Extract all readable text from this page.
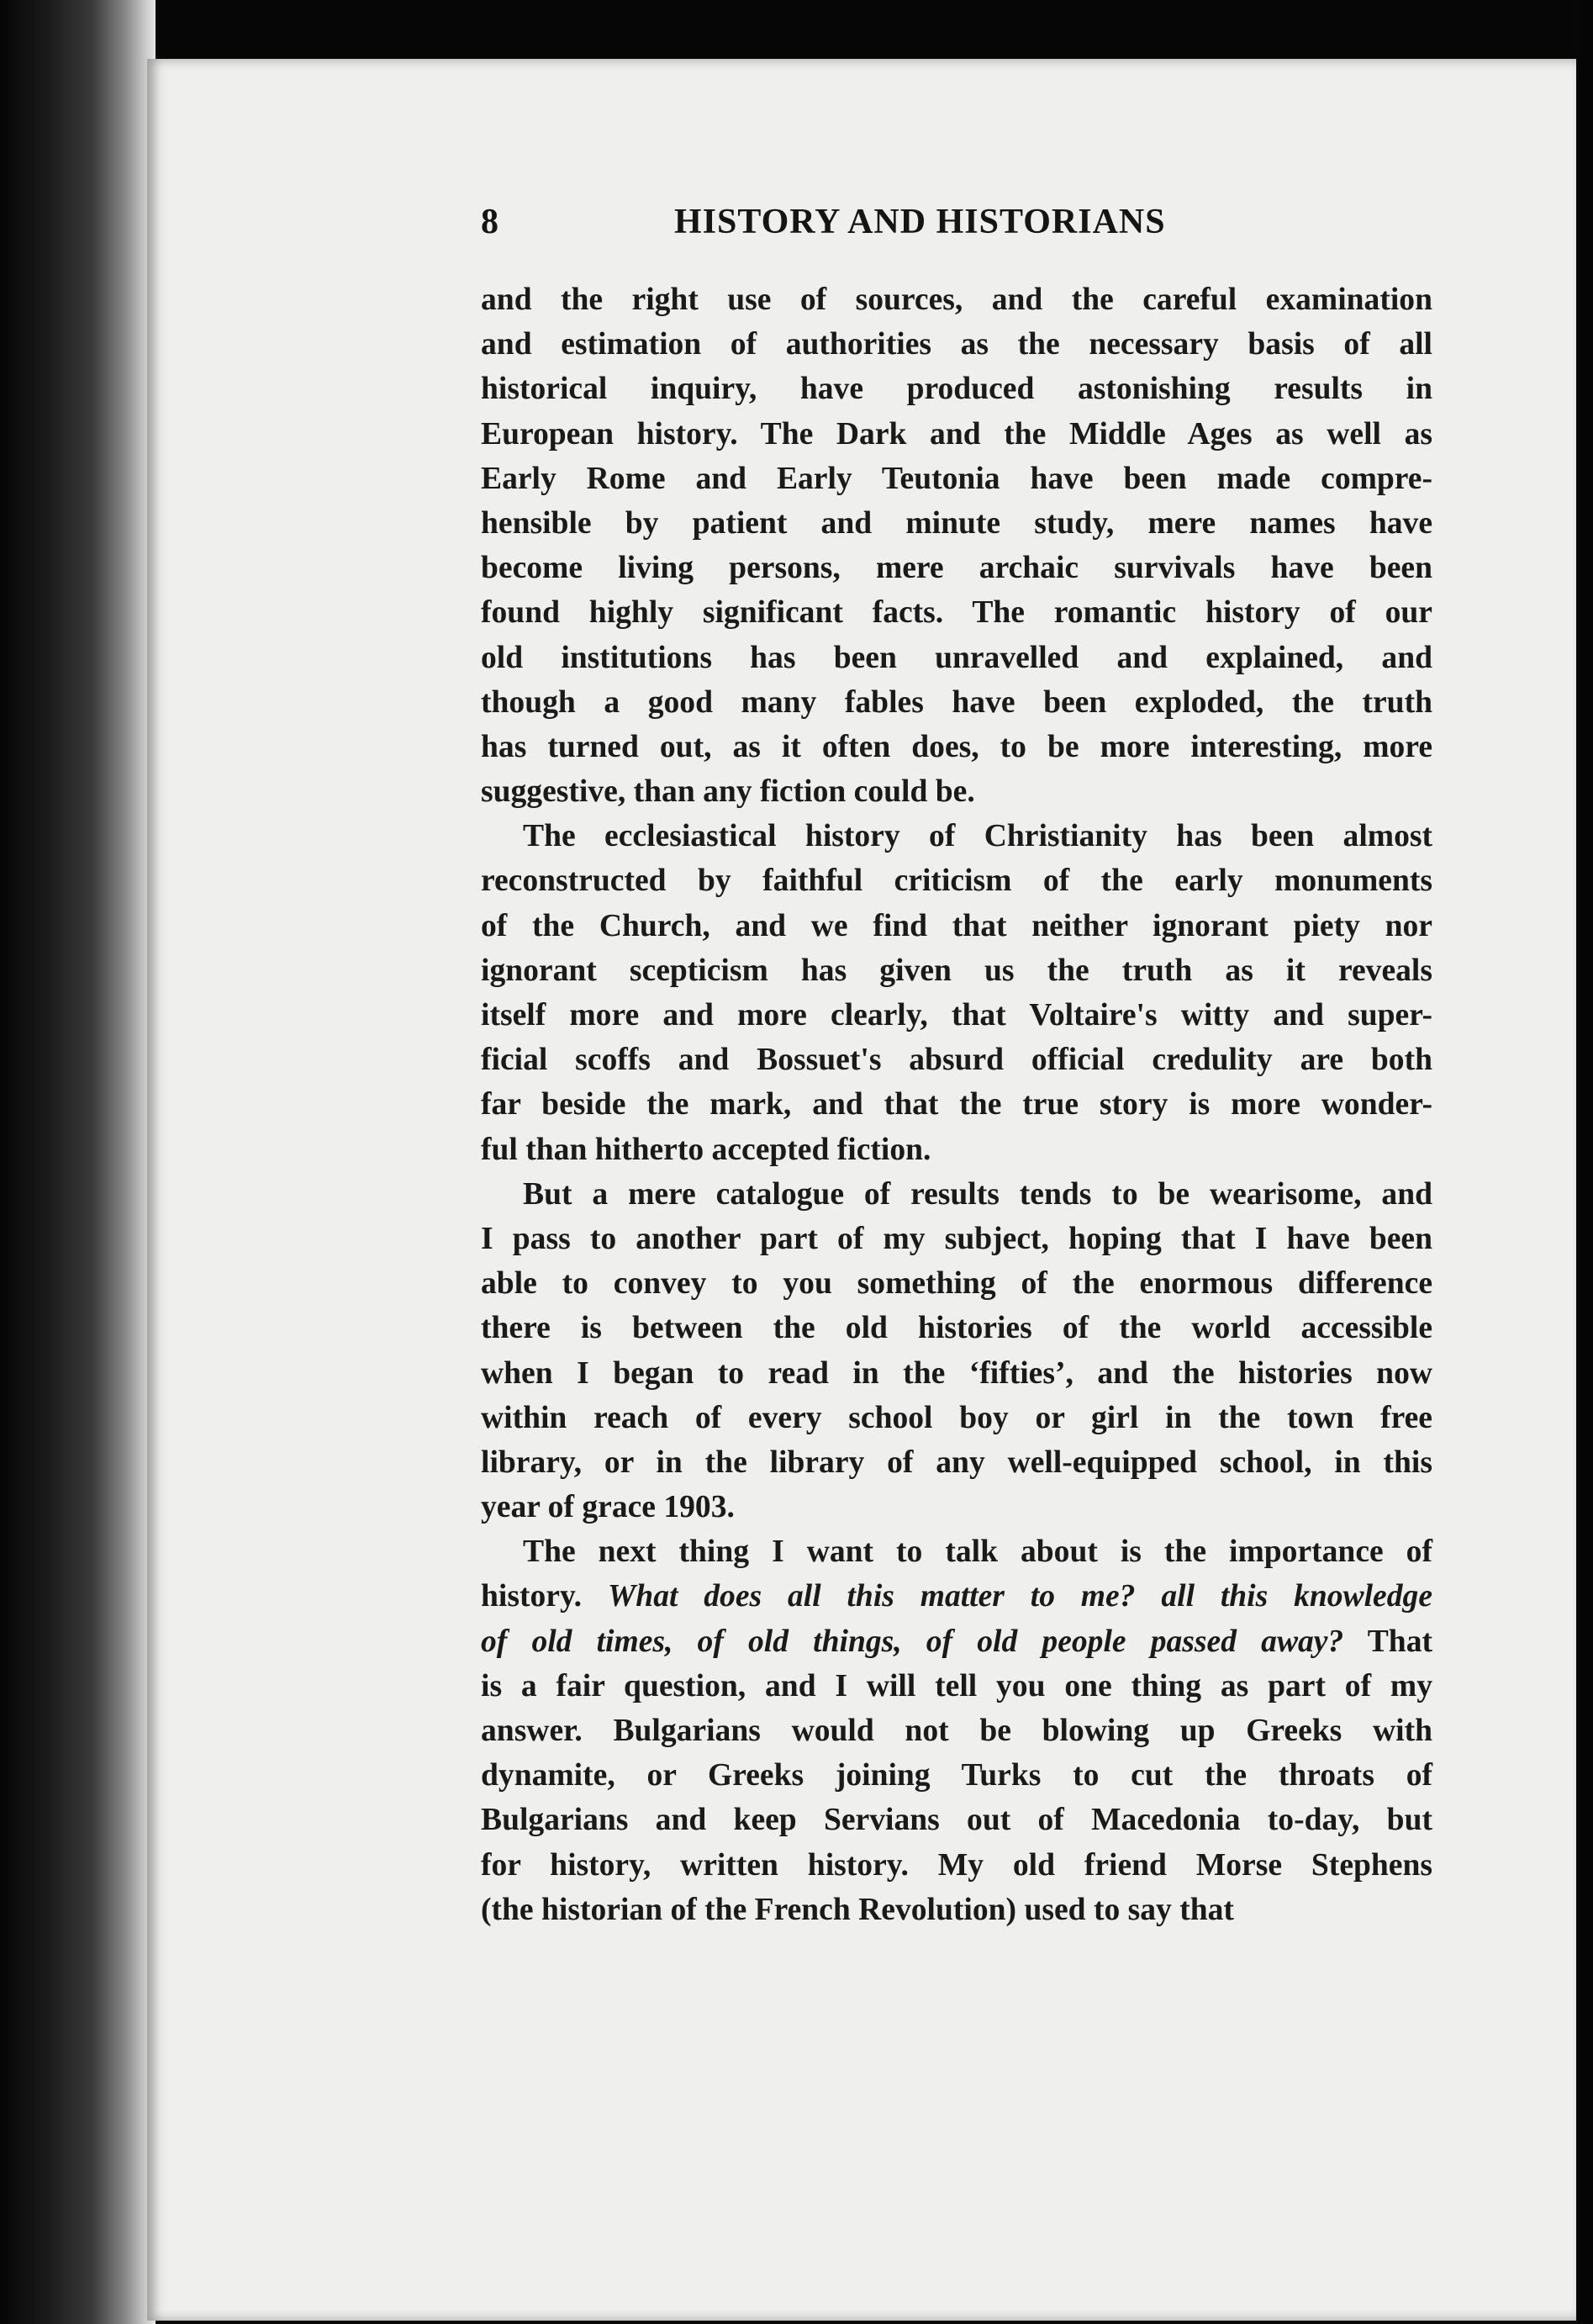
8	HISTORY AND HISTORIANS
and the right use of sources, and the careful examination
and estimation of authorities as the necessary basis of all
historical inquiry, have produced astonishing results in
European history. The Dark and the Middle Ages as well as
Early Rome and Early Teutonia have been made compre-
hensible by patient and minute study, mere names have
become living persons, mere archaic survivals have been
found highly significant facts. The romantic history of our
old institutions has been unravelled and explained, and
though a good many fables have been exploded, the truth
has turned out, as it often does, to be more interesting, more
suggestive, than any fiction could be.
The ecclesiastical history of Christianity has been almost
reconstructed by faithful criticism of the early monuments
of the Church, and we find that neither ignorant piety nor
ignorant scepticism has given us the truth as it reveals
itself more and more clearly, that Voltaire's witty and super-
ficial scoffs and Bossuet's absurd official credulity are both
far beside the mark, and that the true story is more wonder-
ful than hitherto accepted fiction.
But a mere catalogue of results tends to be wearisome, and
I pass to another part of my subject, hoping that I have been
able to convey to you something of the enormous difference
there is between the old histories of the world accessible
when I began to read in the ‘fifties’, and the histories now
within reach of every school boy or girl in the town free
library, or in the library of any well-equipped school, in this
year of grace 1903.
The next thing I want to talk about is the importance of
history. What does all this matter to me? all this knowledge
of old times, of old things, of old people passed away? That
is a fair question, and I will tell you one thing as part of my
answer. Bulgarians would not be blowing up Greeks with
dynamite, or Greeks joining Turks to cut the throats of
Bulgarians and keep Servians out of Macedonia to-day, but
for history, written history. My old friend Morse Stephens
(the historian of the French Revolution) used to say that
